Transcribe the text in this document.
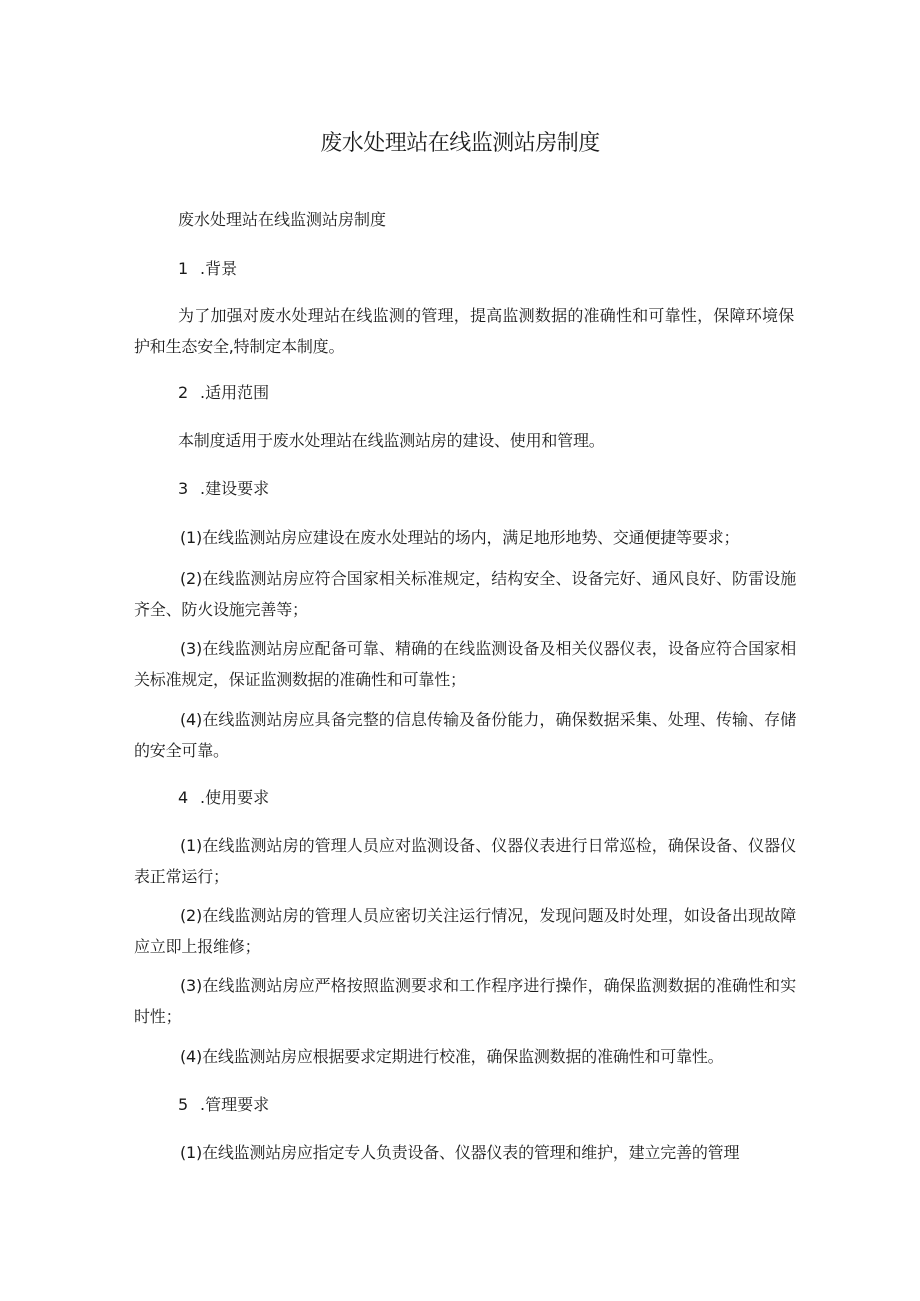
废水处理站在线监测站房制度

废水处理站在线监测站房制度

1 .背景

为了加强对废水处理站在线监测的管理，提高监测数据的准确性和可靠性，保障环境保护和生态安全,特制定本制度。

2 .适用范围

本制度适用于废水处理站在线监测站房的建设、使用和管理。

3 .建设要求

(1)在线监测站房应建设在废水处理站的场内，满足地形地势、交通便捷等要求；

(2)在线监测站房应符合国家相关标准规定，结构安全、设备完好、通风良好、防雷设施齐全、防火设施完善等；

(3)在线监测站房应配备可靠、精确的在线监测设备及相关仪器仪表，设备应符合国家相关标准规定，保证监测数据的准确性和可靠性；

(4)在线监测站房应具备完整的信息传输及备份能力，确保数据采集、处理、传输、存储的安全可靠。

4 .使用要求

(1)在线监测站房的管理人员应对监测设备、仪器仪表进行日常巡检，确保设备、仪器仪表正常运行；

(2)在线监测站房的管理人员应密切关注运行情况，发现问题及时处理，如设备出现故障应立即上报维修；

(3)在线监测站房应严格按照监测要求和工作程序进行操作，确保监测数据的准确性和实时性；

(4)在线监测站房应根据要求定期进行校准，确保监测数据的准确性和可靠性。

5 .管理要求

(1)在线监测站房应指定专人负责设备、仪器仪表的管理和维护，建立完善的管理
